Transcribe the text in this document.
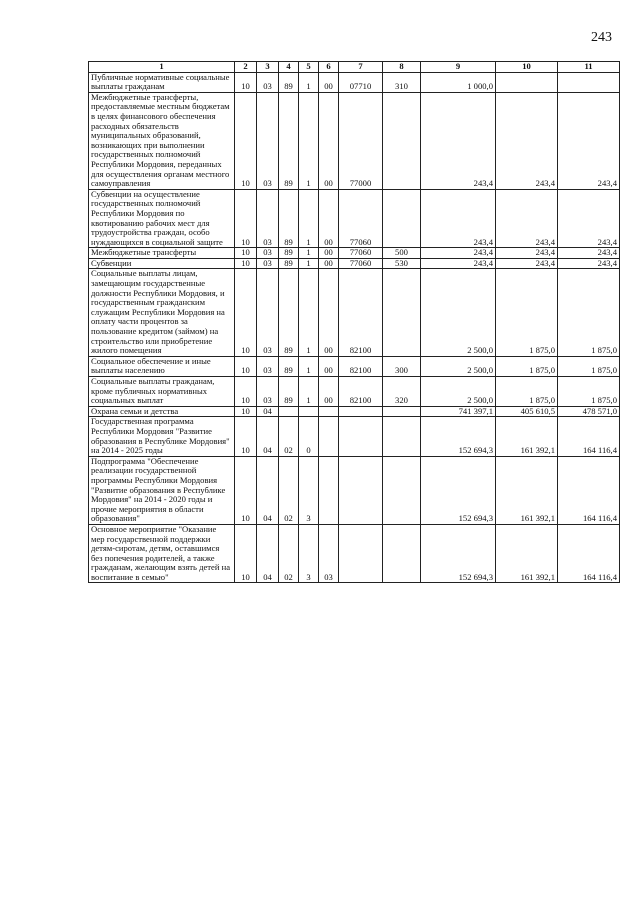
243
1	2	3	4	5	6	7	8	9	10	11
Публичные нормативные социальные выплаты гражданам	10	03	89	1	00	07710	310	1 000,0		
Межбюджетные трансферты, предоставляемые местным бюджетам в целях финансового обеспечения расходных обязательств муниципальных образований, возникающих при выполнении государственных полномочий Республики Мордовия, переданных для осуществления органам местного самоуправления	10	03	89	1	00	77000		243,4	243,4	243,4
Субвенции на осуществление государственных полномочий Республики Мордовия по квотированию рабочих мест для трудоустройства граждан, особо нуждающихся в социальной защите	10	03	89	1	00	77060		243,4	243,4	243,4
Межбюджетные трансферты	10	03	89	1	00	77060	500	243,4	243,4	243,4
Субвенции	10	03	89	1	00	77060	530	243,4	243,4	243,4
Социальные выплаты лицам, замещающим государственные должности Республики Мордовия, и государственным гражданским служащим Республики Мордовия на оплату части процентов за пользование кредитом (займом) на строительство или приобретение жилого помещения	10	03	89	1	00	82100		2 500,0	1 875,0	1 875,0
Социальное обеспечение и иные выплаты населению	10	03	89	1	00	82100	300	2 500,0	1 875,0	1 875,0
Социальные выплаты гражданам, кроме публичных нормативных социальных выплат	10	03	89	1	00	82100	320	2 500,0	1 875,0	1 875,0
Охрана семьи и детства	10	04						741 397,1	405 610,5	478 571,0
Государственная программа Республики Мордовия "Развитие образования в Республике Мордовия" на 2014 - 2025 годы	10	04	02	0				152 694,3	161 392,1	164 116,4
Подпрограмма "Обеспечение реализации государственной программы Республики Мордовия "Развитие образования в Республике Мордовия" на 2014 - 2020 годы и прочие мероприятия в области образования"	10	04	02	3				152 694,3	161 392,1	164 116,4
Основное мероприятие "Оказание мер государственной поддержки детям-сиротам, детям, оставшимся без попечения родителей, а также гражданам, желающим взять детей на воспитание в семью"	10	04	02	3	03			152 694,3	161 392,1	164 116,4
